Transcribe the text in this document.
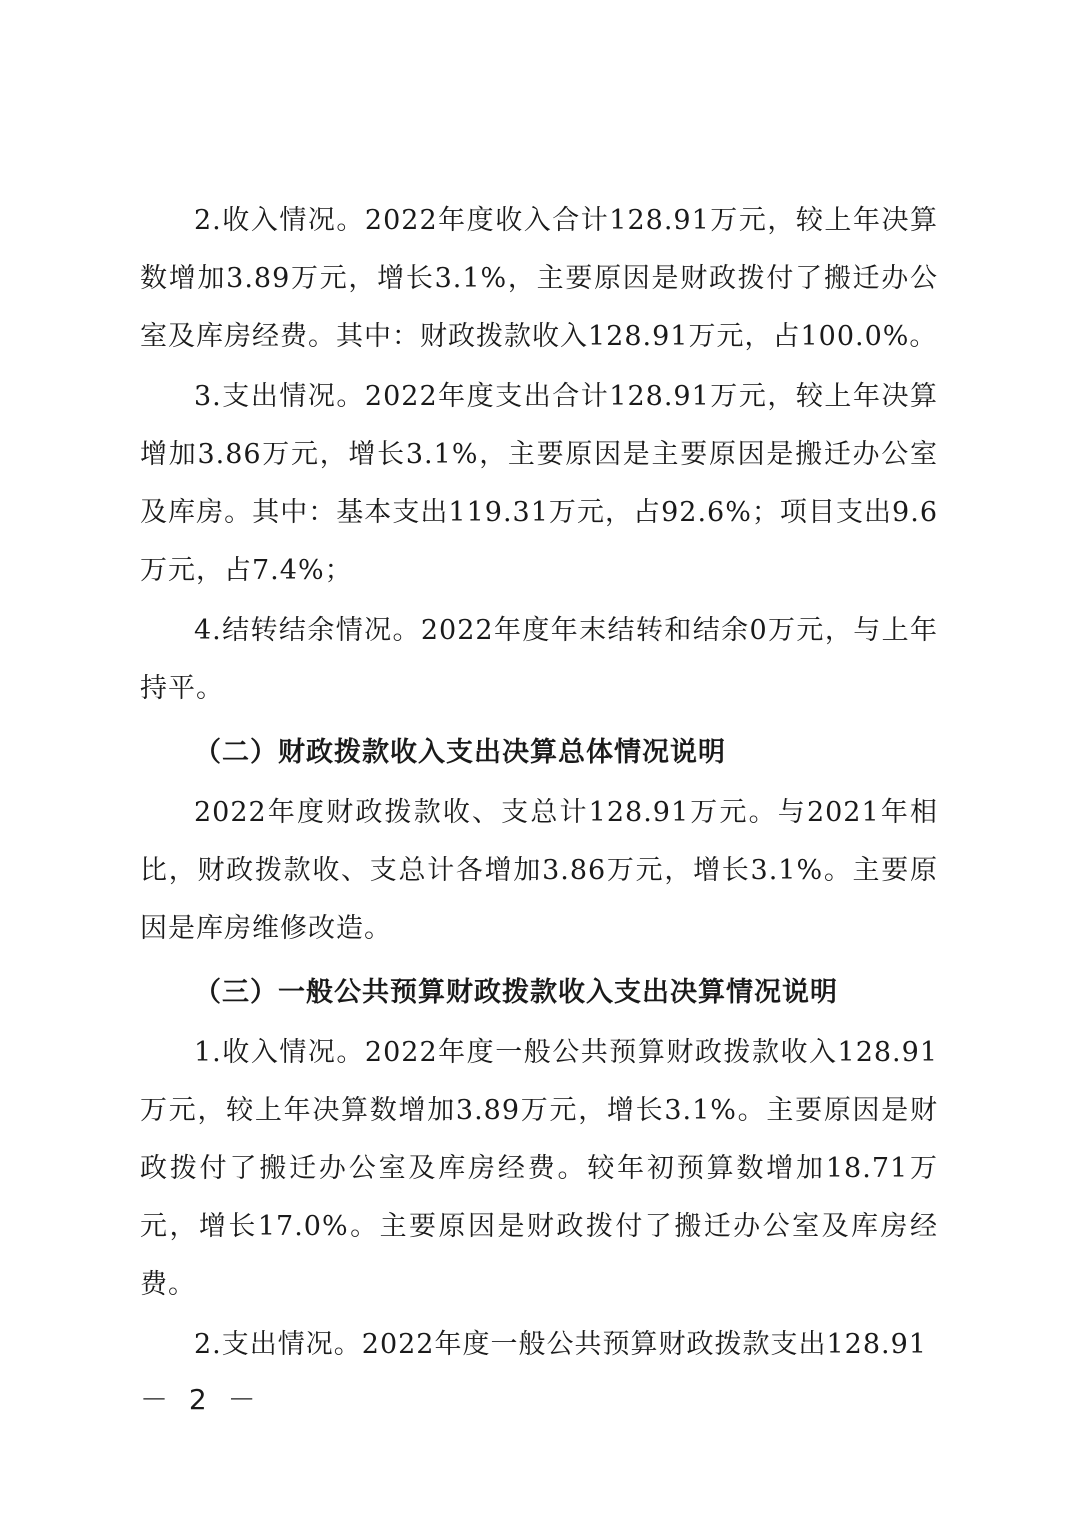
2.收入情况。2022年度收入合计128.91万元，较上年决算数增加3.89万元，增长3.1%，主要原因是财政拨付了搬迁办公室及库房经费。其中：财政拨款收入128.91万元，占100.0%。

3.支出情况。2022年度支出合计128.91万元，较上年决算增加3.86万元，增长3.1%，主要原因是主要原因是搬迁办公室及库房。其中：基本支出119.31万元，占92.6%；项目支出9.6万元，占7.4%；

4.结转结余情况。2022年度年末结转和结余0万元，与上年持平。

（二）财政拨款收入支出决算总体情况说明

2022年度财政拨款收、支总计128.91万元。与2021年相比，财政拨款收、支总计各增加3.86万元，增长3.1%。主要原因是库房维修改造。

（三）一般公共预算财政拨款收入支出决算情况说明

1.收入情况。2022年度一般公共预算财政拨款收入128.91万元，较上年决算数增加3.89万元，增长3.1%。主要原因是财政拨付了搬迁办公室及库房经费。较年初预算数增加18.71万元，增长17.0%。主要原因是财政拨付了搬迁办公室及库房经费。

2.支出情况。2022年度一般公共预算财政拨款支出128.91

－ 2 －
